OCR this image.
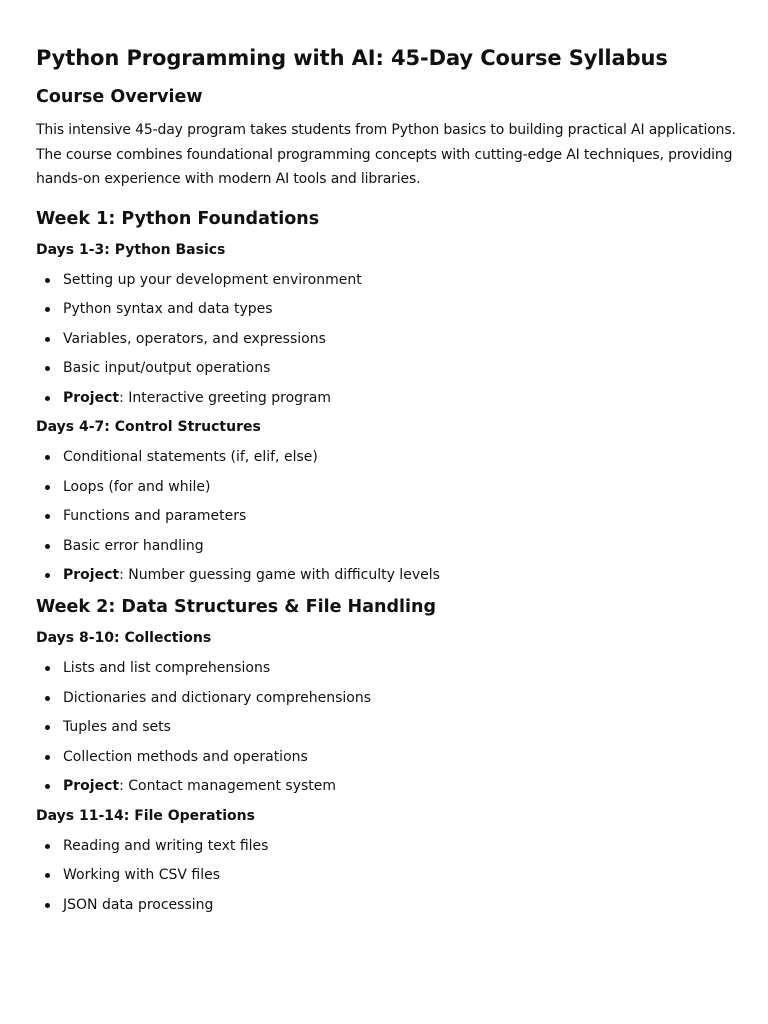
Python Programming with AI: 45-Day Course Syllabus
Course Overview

This intensive 45-day program takes students from Python basics to building practical AI applications. The course combines foundational programming concepts with cutting-edge AI techniques, providing hands-on experience with modern AI tools and libraries.

Week 1: Python Foundations
Days 1-3: Python Basics
Setting up your development environment
Python syntax and data types
Variables, operators, and expressions
Basic input/output operations
Project: Interactive greeting program
Days 4-7: Control Structures
Conditional statements (if, elif, else)
Loops (for and while)
Functions and parameters
Basic error handling
Project: Number guessing game with difficulty levels
Week 2: Data Structures & File Handling
Days 8-10: Collections
Lists and list comprehensions
Dictionaries and dictionary comprehensions
Tuples and sets
Collection methods and operations
Project: Contact management system
Days 11-14: File Operations
Reading and writing text files
Working with CSV files
JSON data processing
